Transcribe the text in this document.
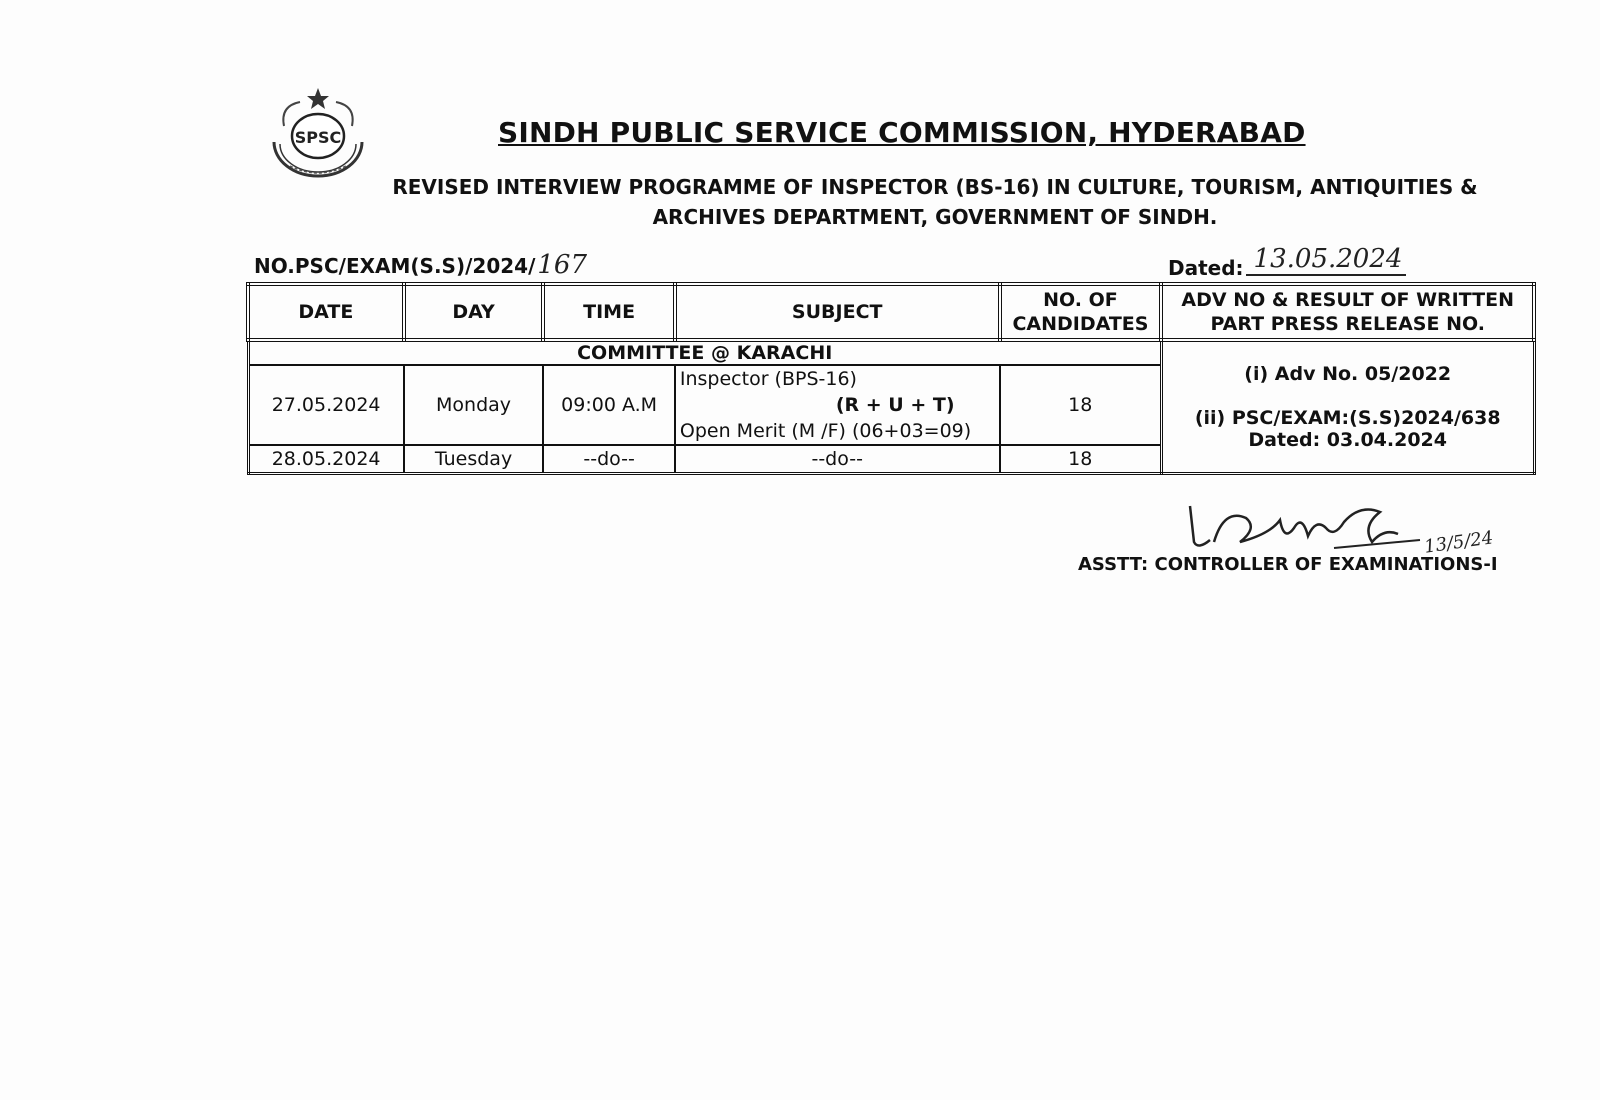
SPSC	SINDH PUBLIC SERVICE COMMISSION, HYDERABAD
REVISED INTERVIEW PROGRAMME OF INSPECTOR (BS-16) IN CULTURE, TOURISM, ANTIQUITIES &
ARCHIVES DEPARTMENT, GOVERNMENT OF SINDH.
NO.PSC/EXAM(S.S)/2024/167	Dated: 13.05.2024
DATE	DAY	TIME	SUBJECT	NO. OF CANDIDATES	ADV NO & RESULT OF WRITTEN PART PRESS RELEASE NO.
COMMITTEE @ KARACHI					(i) Adv No. 05/2022
(ii) PSC/EXAM:(S.S)2024/638
Dated: 03.04.2024
27.05.2024	Monday	09:00 A.M	Inspector (BPS-16)
(R + U + T)
Open Merit (M /F) (06+03=09)	18	
28.05.2024	Tuesday	--do--	--do--	18	
13/5/24
ASSTT: CONTROLLER OF EXAMINATIONS-I
